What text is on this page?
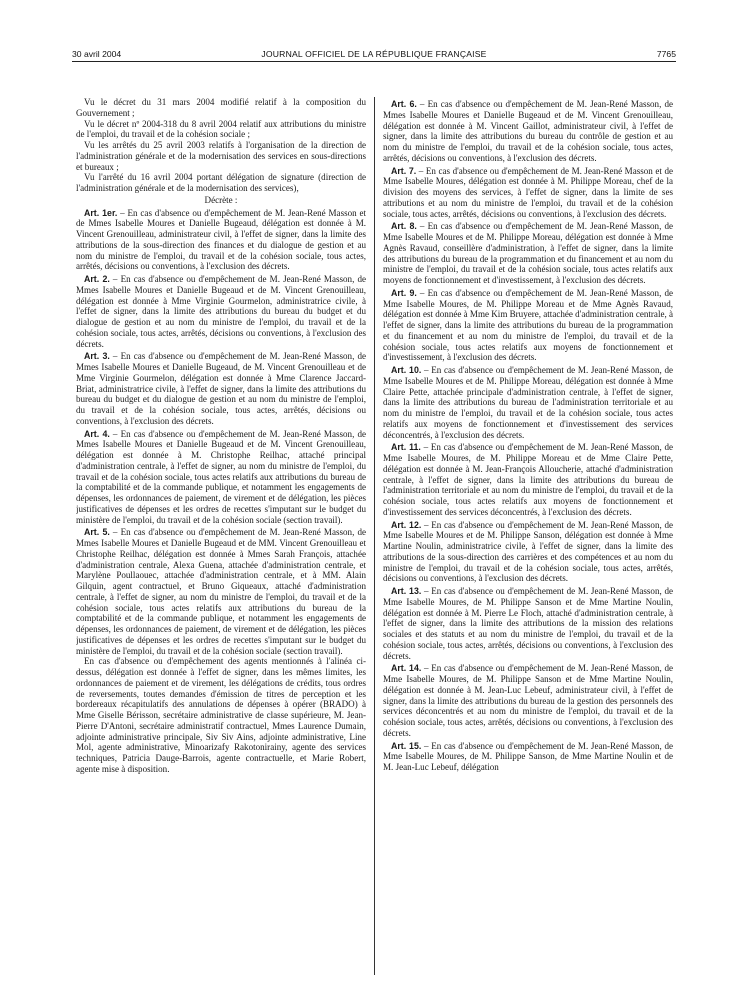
30 avril 2004	JOURNAL OFFICIEL DE LA RÉPUBLIQUE FRANÇAISE	7765

Vu le décret du 31 mars 2004 modifié relatif à la composition du Gouvernement ;

Vu le décret nº 2004-318 du 8 avril 2004 relatif aux attributions du ministre de l'emploi, du travail et de la cohésion sociale ;

Vu les arrêtés du 25 avril 2003 relatifs à l'organisation de la direction de l'administration générale et de la modernisation des services en sous-directions et bureaux ;

Vu l'arrêté du 16 avril 2004 portant délégation de signature (direction de l'administration générale et de la modernisation des services),

Décrète :

Art. 1er. – En cas d'absence ou d'empêchement de M. Jean-René Masson et de Mmes Isabelle Moures et Danielle Bugeaud, délégation est donnée à M. Vincent Grenouilleau, administrateur civil, à l'effet de signer, dans la limite des attributions de la sous-direction des finances et du dialogue de gestion et au nom du ministre de l'emploi, du travail et de la cohésion sociale, tous actes, arrêtés, décisions ou conventions, à l'exclusion des décrets.

Art. 2. – En cas d'absence ou d'empêchement de M. Jean-René Masson, de Mmes Isabelle Moures et Danielle Bugeaud et de M. Vincent Grenouilleau, délégation est donnée à Mme Virginie Gourmelon, administratrice civile, à l'effet de signer, dans la limite des attributions du bureau du budget et du dialogue de gestion et au nom du ministre de l'emploi, du travail et de la cohésion sociale, tous actes, arrêtés, décisions ou conventions, à l'exclusion des décrets.

Art. 3. – En cas d'absence ou d'empêchement de M. Jean-René Masson, de Mmes Isabelle Moures et Danielle Bugeaud, de M. Vincent Grenouilleau et de Mme Virginie Gourmelon, délégation est donnée à Mme Clarence Jaccard-Briat, administratrice civile, à l'effet de signer, dans la limite des attributions du bureau du budget et du dialogue de gestion et au nom du ministre de l'emploi, du travail et de la cohésion sociale, tous actes, arrêtés, décisions ou conventions, à l'exclusion des décrets.

Art. 4. – En cas d'absence ou d'empêchement de M. Jean-René Masson, de Mmes Isabelle Moures et Danielle Bugeaud et de M. Vincent Grenouilleau, délégation est donnée à M. Christophe Reilhac, attaché principal d'administration centrale, à l'effet de signer, au nom du ministre de l'emploi, du travail et de la cohésion sociale, tous actes relatifs aux attributions du bureau de la comptabilité et de la commande publique, et notamment les engagements de dépenses, les ordonnances de paiement, de virement et de délégation, les pièces justificatives de dépenses et les ordres de recettes s'imputant sur le budget du ministère de l'emploi, du travail et de la cohésion sociale (section travail).

Art. 5. – En cas d'absence ou d'empêchement de M. Jean-René Masson, de Mmes Isabelle Moures et Danielle Bugeaud et de MM. Vincent Grenouilleau et Christophe Reilhac, délégation est donnée à Mmes Sarah François, attachée d'administration centrale, Alexa Guena, attachée d'administration centrale, et Marylène Poullaouec, attachée d'administration centrale, et à MM. Alain Gilquin, agent contractuel, et Bruno Giqueaux, attaché d'administration centrale, à l'effet de signer, au nom du ministre de l'emploi, du travail et de la cohésion sociale, tous actes relatifs aux attributions du bureau de la comptabilité et de la commande publique, et notamment les engagements de dépenses, les ordonnances de paiement, de virement et de délégation, les pièces justificatives de dépenses et les ordres de recettes s'imputant sur le budget du ministère de l'emploi, du travail et de la cohésion sociale (section travail).

En cas d'absence ou d'empêchement des agents mentionnés à l'alinéa ci-dessus, délégation est donnée à l'effet de signer, dans les mêmes limites, les ordonnances de paiement et de virement, les délégations de crédits, tous ordres de reversements, toutes demandes d'émission de titres de perception et les bordereaux récapitulatifs des annulations de dépenses à opérer (BRADO) à Mme Giselle Bérisson, secrétaire administrative de classe supérieure, M. Jean-Pierre D'Antoni, secrétaire administratif contractuel, Mmes Laurence Dumain, adjointe administrative principale, Siv Siv Ains, adjointe administrative, Line Mol, agente administrative, Minoarizafy Rakotonirainy, agente des services techniques, Patricia Dauge-Barrois, agente contractuelle, et Marie Robert, agente mise à disposition.

Art. 6. – En cas d'absence ou d'empêchement de M. Jean-René Masson, de Mmes Isabelle Moures et Danielle Bugeaud et de M. Vincent Grenouilleau, délégation est donnée à M. Vincent Gaillot, administrateur civil, à l'effet de signer, dans la limite des attributions du bureau du contrôle de gestion et au nom du ministre de l'emploi, du travail et de la cohésion sociale, tous actes, arrêtés, décisions ou conventions, à l'exclusion des décrets.

Art. 7. – En cas d'absence ou d'empêchement de M. Jean-René Masson et de Mme Isabelle Moures, délégation est donnée à M. Philippe Moreau, chef de la division des moyens des services, à l'effet de signer, dans la limite de ses attributions et au nom du ministre de l'emploi, du travail et de la cohésion sociale, tous actes, arrêtés, décisions ou conventions, à l'exclusion des décrets.

Art. 8. – En cas d'absence ou d'empêchement de M. Jean-René Masson, de Mme Isabelle Moures et de M. Philippe Moreau, délégation est donnée à Mme Agnès Ravaud, conseillère d'administration, à l'effet de signer, dans la limite des attributions du bureau de la programmation et du financement et au nom du ministre de l'emploi, du travail et de la cohésion sociale, tous actes relatifs aux moyens de fonctionnement et d'investissement, à l'exclusion des décrets.

Art. 9. – En cas d'absence ou d'empêchement de M. Jean-René Masson, de Mme Isabelle Moures, de M. Philippe Moreau et de Mme Agnès Ravaud, délégation est donnée à Mme Kim Bruyere, attachée d'administration centrale, à l'effet de signer, dans la limite des attributions du bureau de la programmation et du financement et au nom du ministre de l'emploi, du travail et de la cohésion sociale, tous actes relatifs aux moyens de fonctionnement et d'investissement, à l'exclusion des décrets.

Art. 10. – En cas d'absence ou d'empêchement de M. Jean-René Masson, de Mme Isabelle Moures et de M. Philippe Moreau, délégation est donnée à Mme Claire Pette, attachée principale d'administration centrale, à l'effet de signer, dans la limite des attributions du bureau de l'administration territoriale et au nom du ministre de l'emploi, du travail et de la cohésion sociale, tous actes relatifs aux moyens de fonctionnement et d'investissement des services déconcentrés, à l'exclusion des décrets.

Art. 11. – En cas d'absence ou d'empêchement de M. Jean-René Masson, de Mme Isabelle Moures, de M. Philippe Moreau et de Mme Claire Pette, délégation est donnée à M. Jean-François Alloucherie, attaché d'administration centrale, à l'effet de signer, dans la limite des attributions du bureau de l'administration territoriale et au nom du ministre de l'emploi, du travail et de la cohésion sociale, tous actes relatifs aux moyens de fonctionnement et d'investissement des services déconcentrés, à l'exclusion des décrets.

Art. 12. – En cas d'absence ou d'empêchement de M. Jean-René Masson, de Mme Isabelle Moures et de M. Philippe Sanson, délégation est donnée à Mme Martine Noulin, administratrice civile, à l'effet de signer, dans la limite des attributions de la sous-direction des carrières et des compétences et au nom du ministre de l'emploi, du travail et de la cohésion sociale, tous actes, arrêtés, décisions ou conventions, à l'exclusion des décrets.

Art. 13. – En cas d'absence ou d'empêchement de M. Jean-René Masson, de Mme Isabelle Moures, de M. Philippe Sanson et de Mme Martine Noulin, délégation est donnée à M. Pierre Le Floch, attaché d'administration centrale, à l'effet de signer, dans la limite des attributions de la mission des relations sociales et des statuts et au nom du ministre de l'emploi, du travail et de la cohésion sociale, tous actes, arrêtés, décisions ou conventions, à l'exclusion des décrets.

Art. 14. – En cas d'absence ou d'empêchement de M. Jean-René Masson, de Mme Isabelle Moures, de M. Philippe Sanson et de Mme Martine Noulin, délégation est donnée à M. Jean-Luc Lebeuf, administrateur civil, à l'effet de signer, dans la limite des attributions du bureau de la gestion des personnels des services déconcentrés et au nom du ministre de l'emploi, du travail et de la cohésion sociale, tous actes, arrêtés, décisions ou conventions, à l'exclusion des décrets.

Art. 15. – En cas d'absence ou d'empêchement de M. Jean-René Masson, de Mme Isabelle Moures, de M. Philippe Sanson, de Mme Martine Noulin et de M. Jean-Luc Lebeuf, délégation
